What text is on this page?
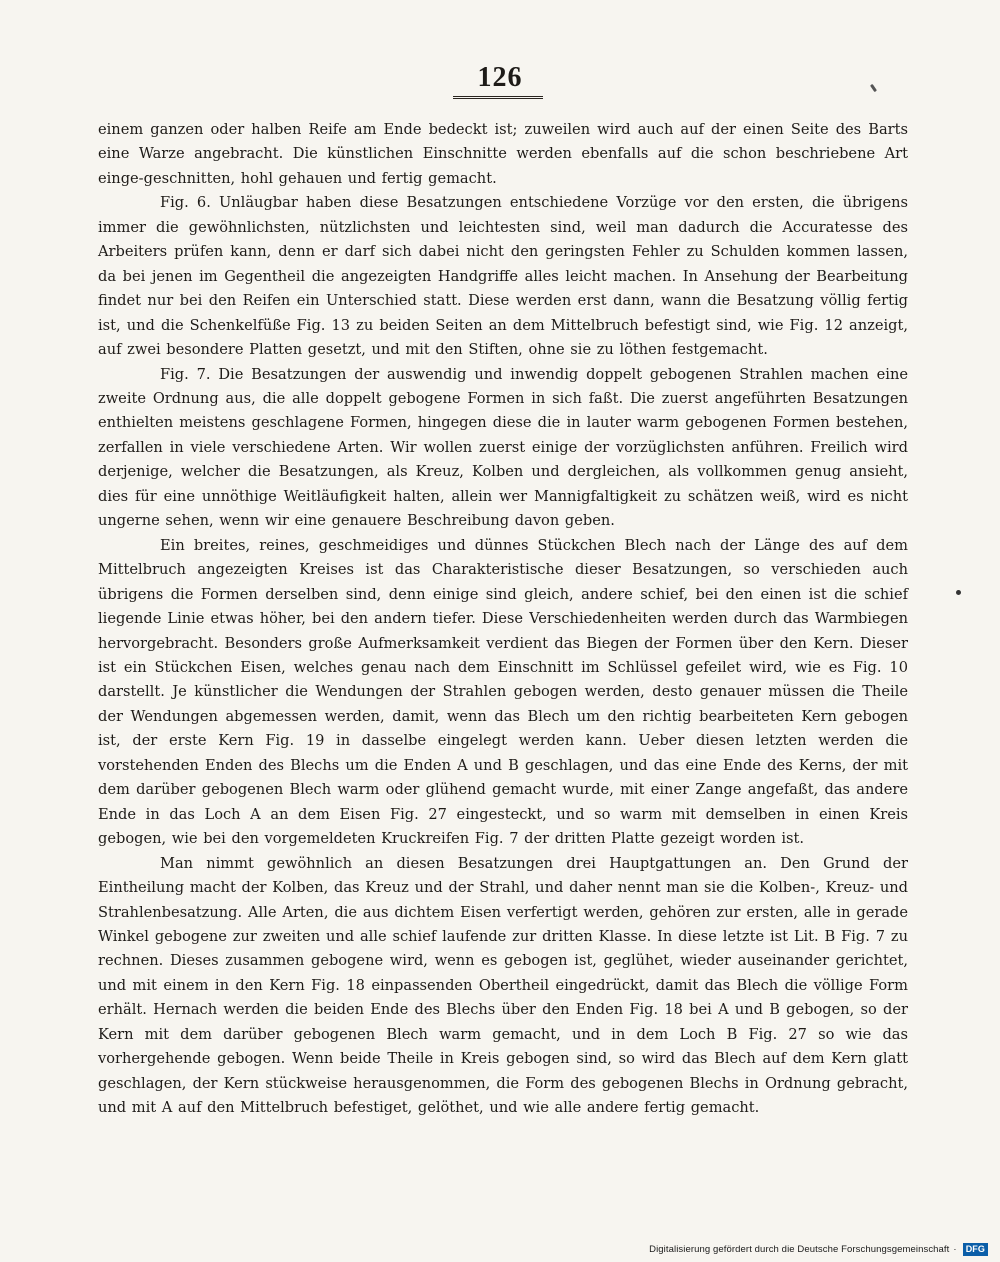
126

einem ganzen oder halben Reife am Ende bedeckt ist; zuweilen wird auch auf der einen Seite des Barts eine Warze angebracht. Die künstlichen Einschnitte werden ebenfalls auf die schon beschriebene Art einge-geschnitten, hohl gehauen und fertig gemacht.

Fig. 6. Unläugbar haben diese Besatzungen entschiedene Vorzüge vor den ersten, die übrigens immer die gewöhnlichsten, nützlichsten und leichtesten sind, weil man dadurch die Accuratesse des Arbeiters prüfen kann, denn er darf sich dabei nicht den geringsten Fehler zu Schulden kommen lassen, da bei jenen im Gegentheil die angezeigten Handgriffe alles leicht machen. In Ansehung der Bearbeitung findet nur bei den Reifen ein Unterschied statt. Diese werden erst dann, wann die Besatzung völlig fertig ist, und die Schenkelfüße Fig. 13 zu beiden Seiten an dem Mittelbruch befestigt sind, wie Fig. 12 anzeigt, auf zwei besondere Platten gesetzt, und mit den Stiften, ohne sie zu löthen festgemacht.

Fig. 7. Die Besatzungen der auswendig und inwendig doppelt gebogenen Strahlen machen eine zweite Ordnung aus, die alle doppelt gebogene Formen in sich faßt. Die zuerst angeführten Besatzungen enthielten meistens geschlagene Formen, hingegen diese die in lauter warm gebogenen Formen bestehen, zerfallen in viele verschiedene Arten. Wir wollen zuerst einige der vorzüglichsten anführen. Freilich wird derjenige, welcher die Besatzungen, als Kreuz, Kolben und dergleichen, als vollkommen genug ansieht, dies für eine unnöthige Weitläufigkeit halten, allein wer Mannigfaltigkeit zu schätzen weiß, wird es nicht ungerne sehen, wenn wir eine genauere Beschreibung davon geben.

Ein breites, reines, geschmeidiges und dünnes Stückchen Blech nach der Länge des auf dem Mittelbruch angezeigten Kreises ist das Charakteristische dieser Besatzungen, so verschieden auch übrigens die Formen derselben sind, denn einige sind gleich, andere schief, bei den einen ist die schief liegende Linie etwas höher, bei den andern tiefer. Diese Verschiedenheiten werden durch das Warmbiegen hervorgebracht. Besonders große Aufmerksamkeit verdient das Biegen der Formen über den Kern. Dieser ist ein Stückchen Eisen, welches genau nach dem Einschnitt im Schlüssel gefeilet wird, wie es Fig. 10 darstellt. Je künstlicher die Wendungen der Strahlen gebogen werden, desto genauer müssen die Theile der Wendungen abgemessen werden, damit, wenn das Blech um den richtig bearbeiteten Kern gebogen ist, der erste Kern Fig. 19 in dasselbe eingelegt werden kann. Ueber diesen letzten werden die vorstehenden Enden des Blechs um die Enden A und B geschlagen, und das eine Ende des Kerns, der mit dem darüber gebogenen Blech warm oder glühend gemacht wurde, mit einer Zange angefaßt, das andere Ende in das Loch A an dem Eisen Fig. 27 eingesteckt, und so warm mit demselben in einen Kreis gebogen, wie bei den vorgemeldeten Kruckreifen Fig. 7 der dritten Platte gezeigt worden ist.

Man nimmt gewöhnlich an diesen Besatzungen drei Hauptgattungen an. Den Grund der Eintheilung macht der Kolben, das Kreuz und der Strahl, und daher nennt man sie die Kolben-, Kreuz- und Strahlenbesatzung. Alle Arten, die aus dichtem Eisen verfertigt werden, gehören zur ersten, alle in gerade Winkel gebogene zur zweiten und alle schief laufende zur dritten Klasse. In diese letzte ist Lit. B Fig. 7 zu rechnen. Dieses zusammen gebogene wird, wenn es gebogen ist, geglühet, wieder auseinander gerichtet, und mit einem in den Kern Fig. 18 einpassenden Obertheil eingedrückt, damit das Blech die völlige Form erhält. Hernach werden die beiden Ende des Blechs über den Enden Fig. 18 bei A und B gebogen, so der Kern mit dem darüber gebogenen Blech warm gemacht, und in dem Loch B Fig. 27 so wie das vorhergehende gebogen. Wenn beide Theile in Kreis gebogen sind, so wird das Blech auf dem Kern glatt geschlagen, der Kern stückweise herausgenommen, die Form des gebogenen Blechs in Ordnung gebracht, und mit A auf den Mittelbruch befestiget, gelöthet, und wie alle andere fertig gemacht.

Digitalisierung gefördert durch die Deutsche Forschungsgemeinschaft ·	DFG
